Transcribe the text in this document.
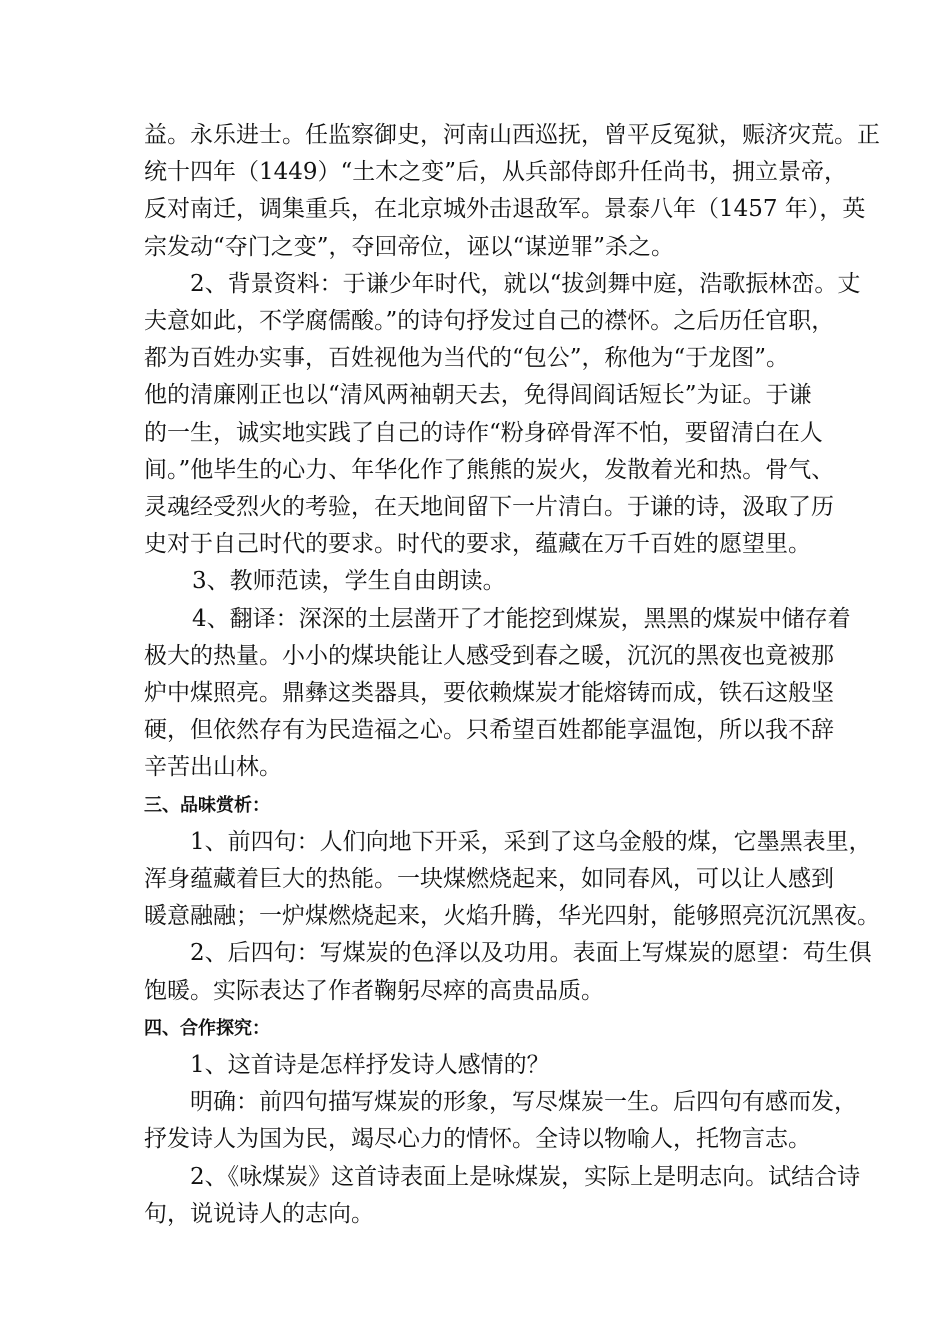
益。永乐进士。任监察御史，河南山西巡抚，曾平反冤狱，赈济灾荒。正
统十四年（1449）“土木之变”后，从兵部侍郎升任尚书，拥立景帝，
反对南迁，调集重兵，在北京城外击退敌军。景泰八年（1457 年），英
宗发动“夺门之变”，夺回帝位，诬以“谋逆罪”杀之。
2、背景资料：于谦少年时代，就以“拔剑舞中庭，浩歌振林峦。丈
夫意如此，不学腐儒酸。”的诗句抒发过自己的襟怀。之后历任官职，
都为百姓办实事，百姓视他为当代的“包公”，称他为“于龙图”。
他的清廉刚正也以“清风两袖朝天去，免得闾阎话短长”为证。于谦
的一生，诚实地实践了自己的诗作“粉身碎骨浑不怕，要留清白在人
间。”他毕生的心力、年华化作了熊熊的炭火，发散着光和热。骨气、
灵魂经受烈火的考验，在天地间留下一片清白。于谦的诗，汲取了历
史对于自己时代的要求。时代的要求，蕴藏在万千百姓的愿望里。
3、教师范读，学生自由朗读。
4、翻译：深深的土层凿开了才能挖到煤炭，黑黑的煤炭中储存着
极大的热量。小小的煤块能让人感受到春之暖，沉沉的黑夜也竟被那
炉中煤照亮。鼎彝这类器具，要依赖煤炭才能熔铸而成，铁石这般坚
硬，但依然存有为民造福之心。只希望百姓都能享温饱，所以我不辞
辛苦出山林。
三、品味赏析：
1、前四句：人们向地下开采，采到了这乌金般的煤，它墨黑表里，
浑身蕴藏着巨大的热能。一块煤燃烧起来，如同春风，可以让人感到
暖意融融；一炉煤燃烧起来，火焰升腾，华光四射，能够照亮沉沉黑夜。
2、后四句：写煤炭的色泽以及功用。表面上写煤炭的愿望：苟生俱
饱暖。实际表达了作者鞠躬尽瘁的高贵品质。
四、合作探究：
1、这首诗是怎样抒发诗人感情的？
明确：前四句描写煤炭的形象，写尽煤炭一生。后四句有感而发，
抒发诗人为国为民，竭尽心力的情怀。全诗以物喻人，托物言志。
2、《咏煤炭》这首诗表面上是咏煤炭，实际上是明志向。试结合诗
句，说说诗人的志向。
